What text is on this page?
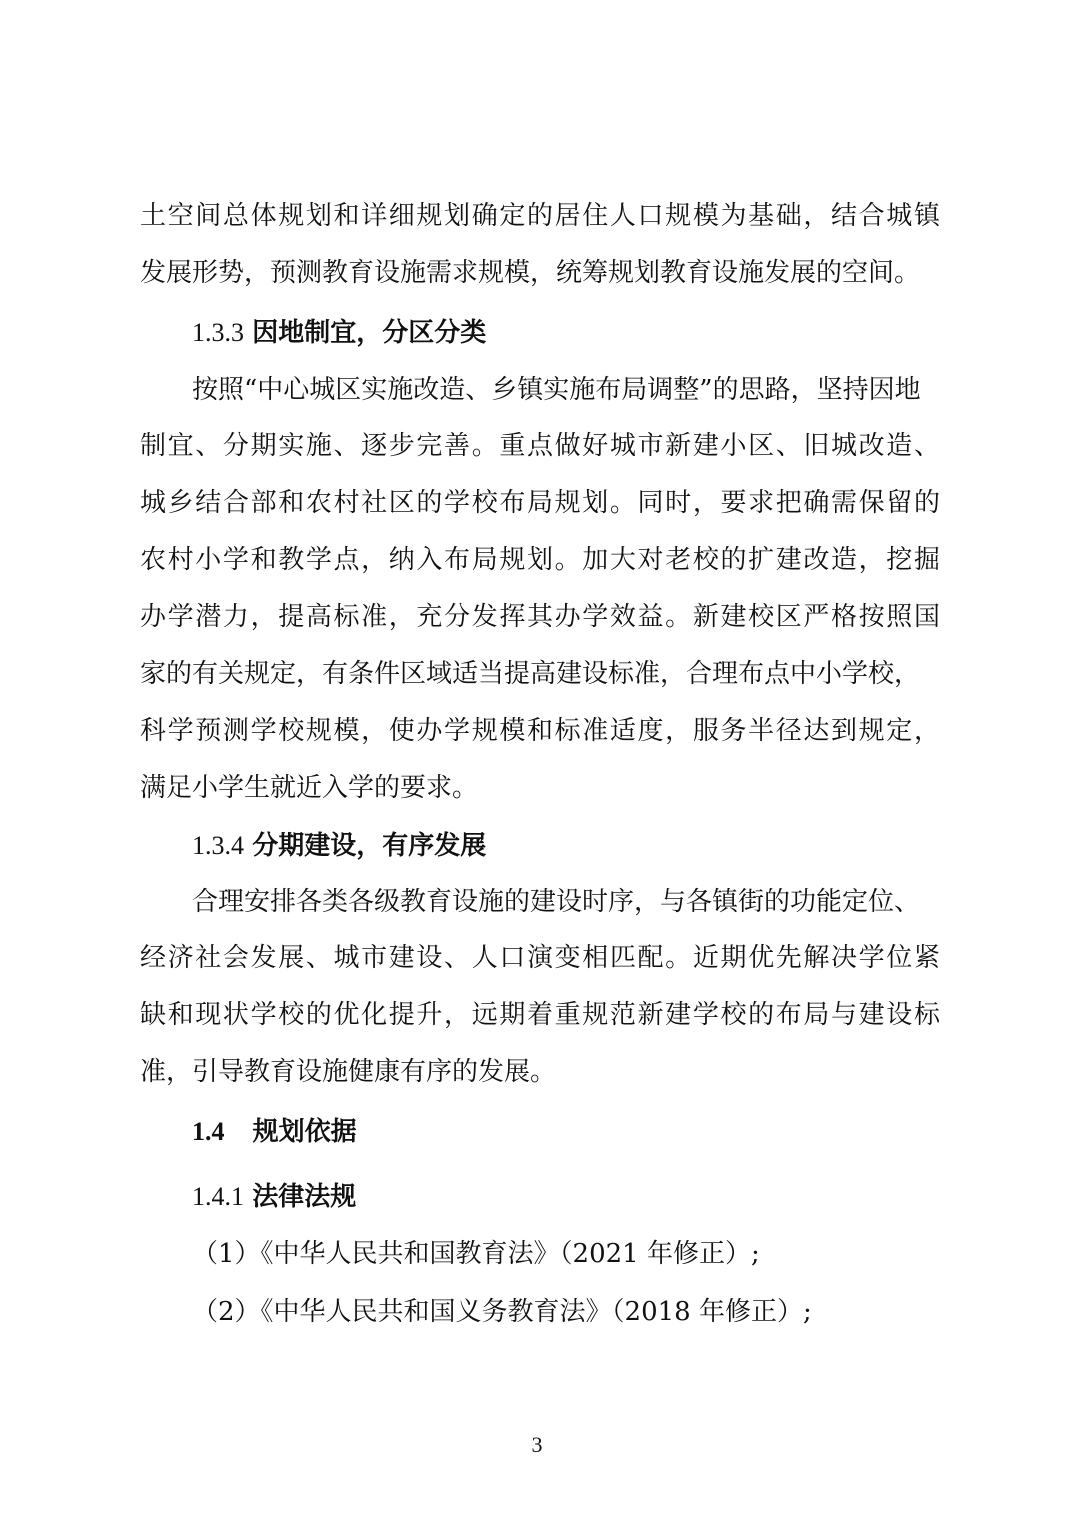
土 空 间 总 体 规 划 和 详 细 规 划 确 定 的 居 住 人 口 规 模 为 基 础 ， 结 合 城 镇
发展形势，预测教育设施需求规模，统筹规划教育设施发展的空间。
1.3.3 因地制宜，分区分类
按照“中心城区实施改造、乡镇实施布局调整”的思路，坚持因地
制 宜 、 分 期 实 施 、 逐 步 完 善 。 重 点 做 好 城 市 新 建 小 区 、 旧 城 改 造 、
城 乡 结 合 部 和 农 村 社 区 的 学 校 布 局 规 划 。 同 时 ， 要 求 把 确 需 保 留 的
农 村 小 学 和 教 学 点 ， 纳 入 布 局 规 划 。 加 大 对 老 校 的 扩 建 改 造 ， 挖 掘
办 学 潜 力 ， 提 高 标 准 ， 充 分 发 挥 其 办 学 效 益 。 新 建 校 区 严 格 按 照 国
家的有关规定，有条件区域适当提高建设标准，合理布点中小学校，
科 学 预 测 学 校 规 模 ， 使 办 学 规 模 和 标 准 适 度 ， 服 务 半 径 达 到 规 定 ，
满足小学生就近入学的要求。
1.3.4 分期建设，有序发展
合理安排各类各级教育设施的建设时序，与各镇街的功能定位、
经 济 社 会 发 展 、 城 市 建 设 、 人 口 演 变 相 匹 配 。 近 期 优 先 解 决 学 位 紧
缺 和 现 状 学 校 的 优 化 提 升 ， 远 期 着 重 规 范 新 建 学 校 的 布 局 与 建 设 标
准，引导教育设施健康有序的发展。
1.4 规划依据
1.4.1 法律法规
（1）《中华人民共和国教育法》（2021 年修正）;
（2）《中华人民共和国义务教育法》（2018 年修正）;
3
